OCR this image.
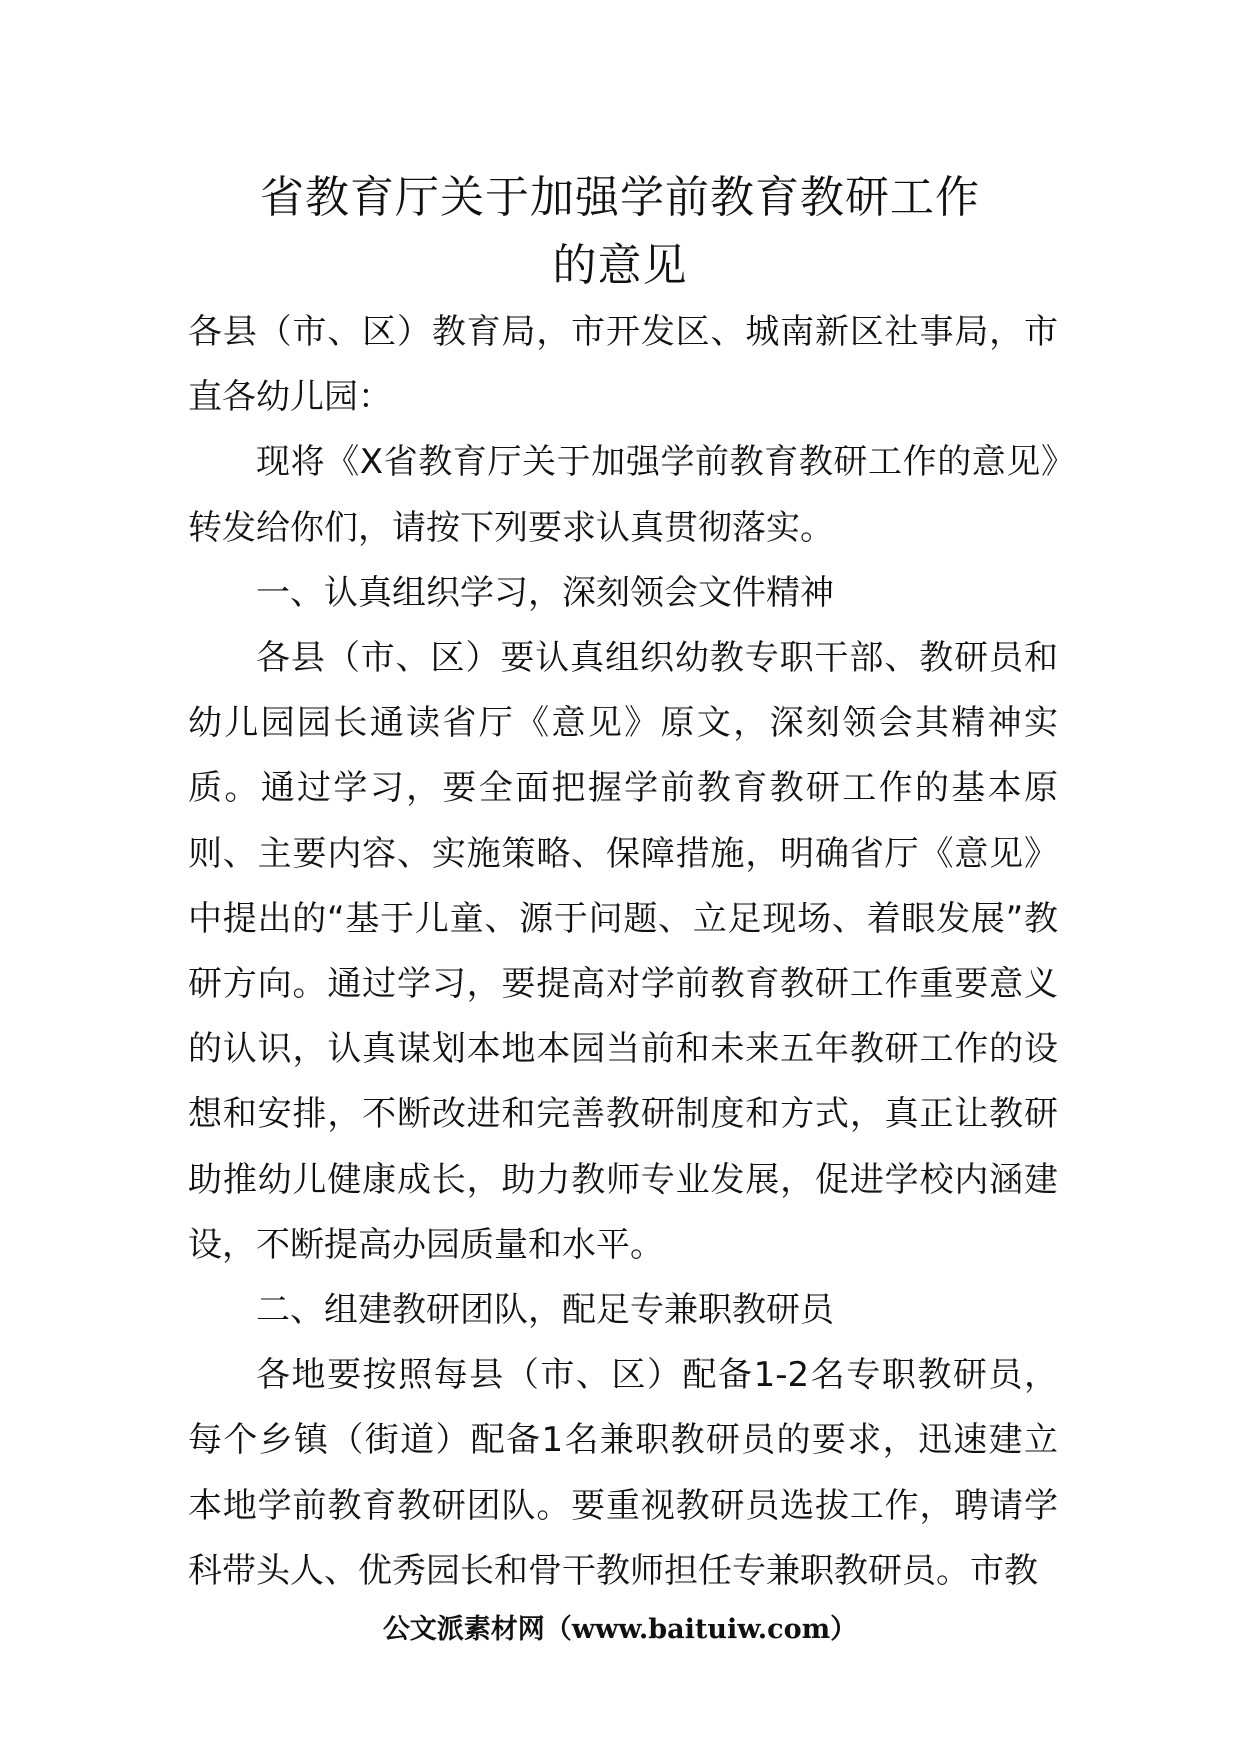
省教育厅关于加强学前教育教研工作
的意见

各县（市、区）教育局，市开发区、城南新区社事局，市直各幼儿园：

现将《X省教育厅关于加强学前教育教研工作的意见》转发给你们，请按下列要求认真贯彻落实。

一、认真组织学习，深刻领会文件精神

各县（市、区）要认真组织幼教专职干部、教研员和幼儿园园长通读省厅《意见》原文，深刻领会其精神实质。通过学习，要全面把握学前教育教研工作的基本原则、主要内容、实施策略、保障措施，明确省厅《意见》中提出的“基于儿童、源于问题、立足现场、着眼发展”教研方向。通过学习，要提高对学前教育教研工作重要意义的认识，认真谋划本地本园当前和未来五年教研工作的设想和安排，不断改进和完善教研制度和方式，真正让教研助推幼儿健康成长，助力教师专业发展，促进学校内涵建设，不断提高办园质量和水平。

二、组建教研团队，配足专兼职教研员

各地要按照每县（市、区）配备1-2名专职教研员，每个乡镇（街道）配备1名兼职教研员的要求，迅速建立本地学前教育教研团队。要重视教研员选拔工作，聘请学科带头人、优秀园长和骨干教师担任专兼职教研员。市教

公文派素材网（www.baituiw.com）
